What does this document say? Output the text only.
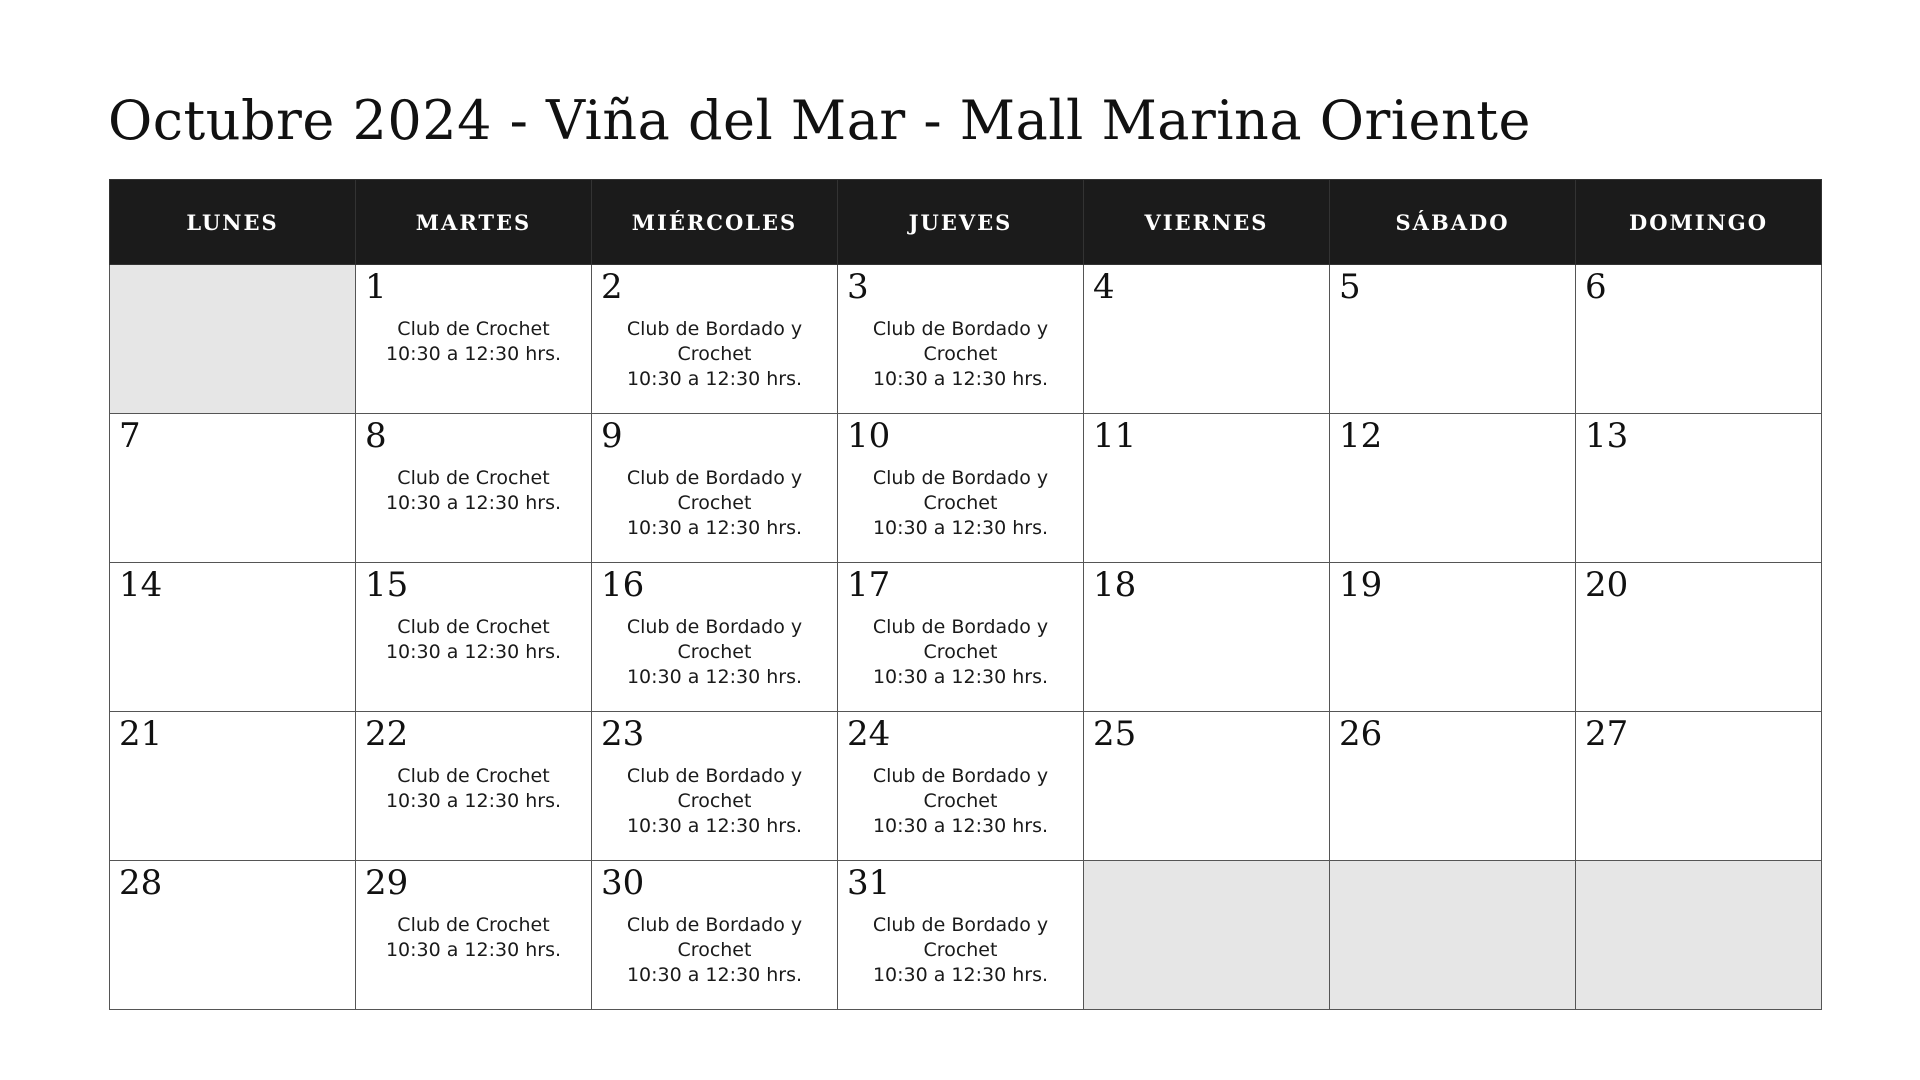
Octubre 2024 - Viña del Mar - Mall Marina Oriente
LUNES	MARTES	MIÉRCOLES	JUEVES	VIERNES	SÁBADO	DOMINGO

	1
Club de Crochet
10:30 a 12:30 hrs.	2
Club de Bordado y Crochet
10:30 a 12:30 hrs.	3
Club de Bordado y Crochet
10:30 a 12:30 hrs.	4	5	6

7	8
Club de Crochet
10:30 a 12:30 hrs.	9
Club de Bordado y Crochet
10:30 a 12:30 hrs.	10
Club de Bordado y Crochet
10:30 a 12:30 hrs.	11	12	13

14	15
Club de Crochet
10:30 a 12:30 hrs.	16
Club de Bordado y Crochet
10:30 a 12:30 hrs.	17
Club de Bordado y Crochet
10:30 a 12:30 hrs.	18	19	20

21	22
Club de Crochet
10:30 a 12:30 hrs.	23
Club de Bordado y Crochet
10:30 a 12:30 hrs.	24
Club de Bordado y Crochet
10:30 a 12:30 hrs.	25	26	27

28	29
Club de Crochet
10:30 a 12:30 hrs.	30
Club de Bordado y Crochet
10:30 a 12:30 hrs.	31
Club de Bordado y Crochet
10:30 a 12:30 hrs.			
